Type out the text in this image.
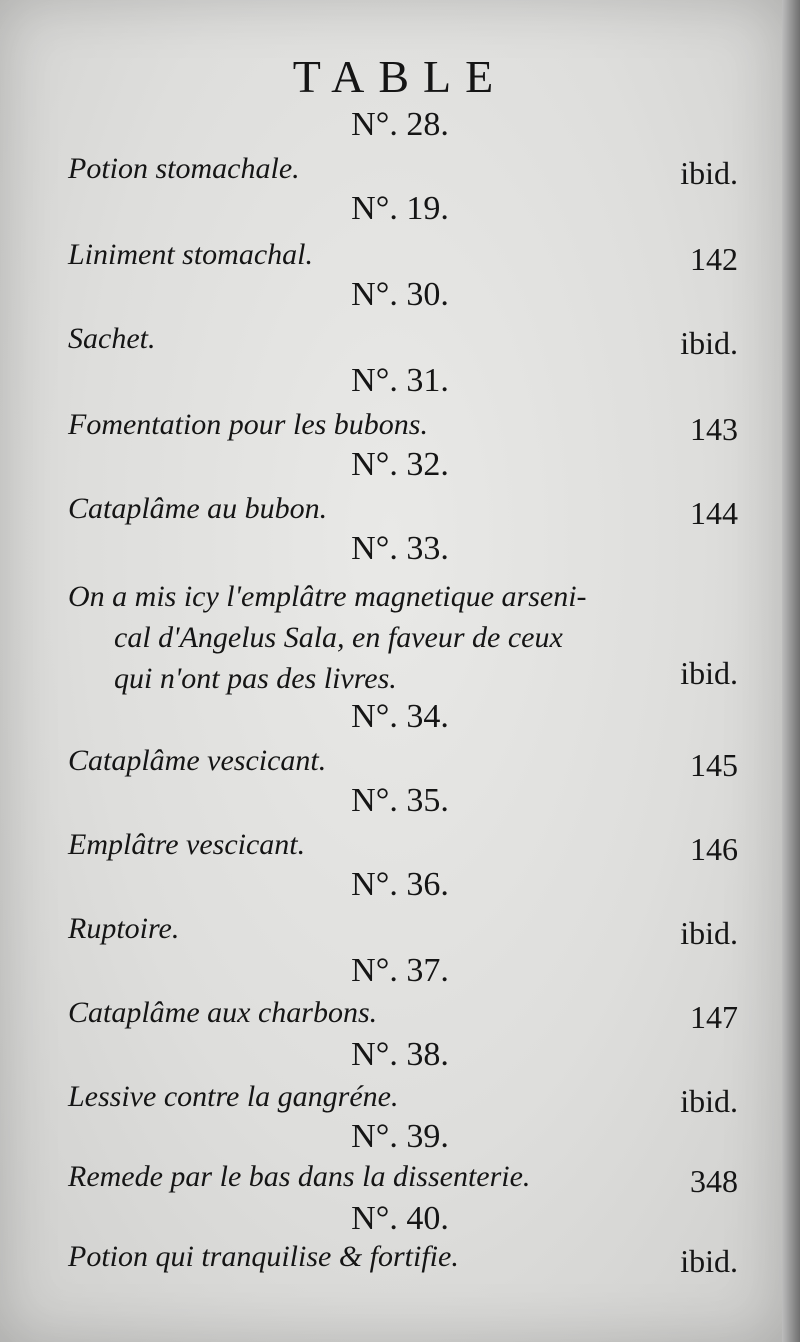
TABLE
N°. 28.
Potion stomachale.	ibid.
N°. 19.
Liniment stomachal.	142
N°. 30.
Sachet.	ibid.
N°. 31.
Fomentation pour les bubons.	143
N°. 32.
Cataplâme au bubon.	144
N°. 33.
On a mis icy l'emplâtre magnetique arseni-
cal d'Angelus Sala, en faveur de ceux
qui n'ont pas des livres.	ibid.
N°. 34.
Cataplâme vescicant.	145
N°. 35.
Emplâtre vescicant.	146
N°. 36.
Ruptoire.	ibid.
N°. 37.
Cataplâme aux charbons.	147
N°. 38.
Lessive contre la gangréne.	ibid.
N°. 39.
Remede par le bas dans la dissenterie.	348
N°. 40.
Potion qui tranquilise & fortifie.	ibid.
